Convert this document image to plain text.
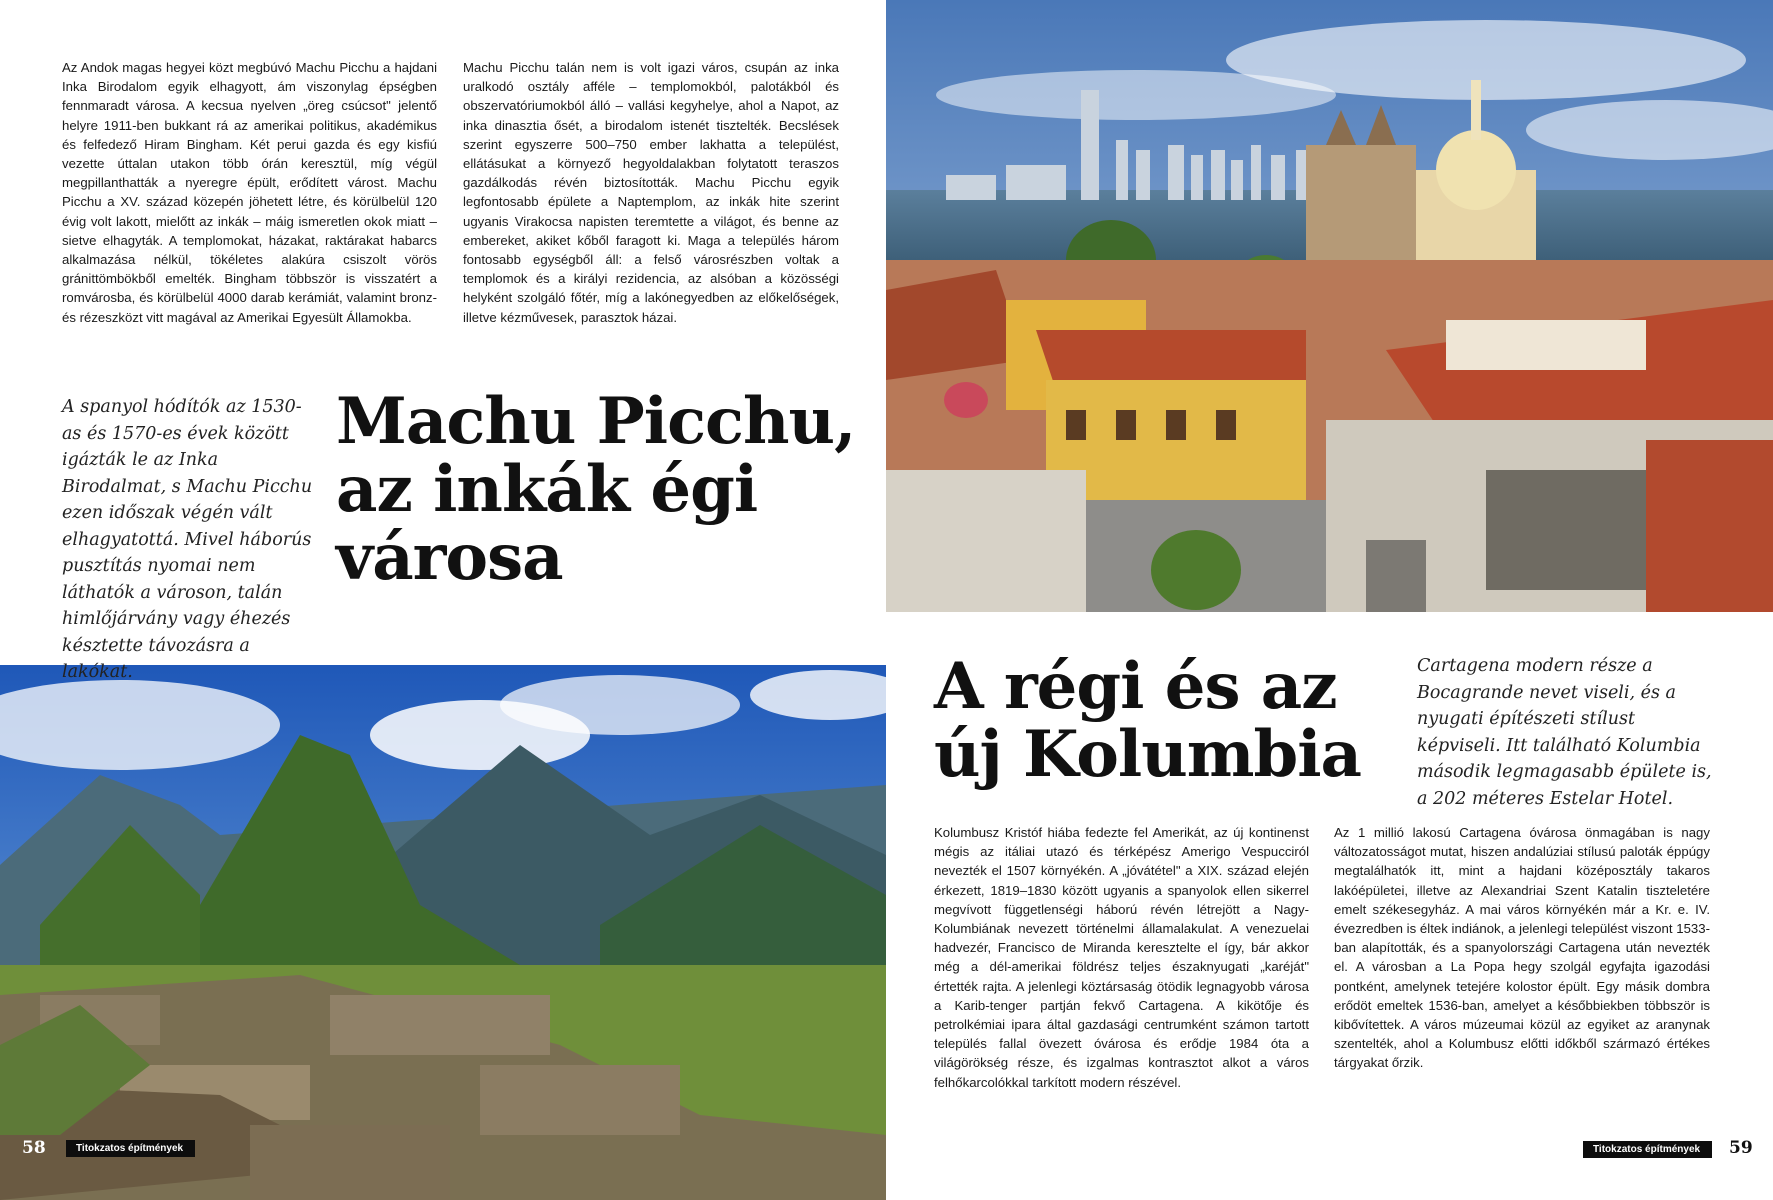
Az Andok magas hegyei közt megbúvó Machu Picchu a hajdani Inka Birodalom egyik elhagyott, ám viszonylag épségben fennmaradt városa. A kecsua nyelven „öreg csúcsot" jelentő helyre 1911-ben bukkant rá az amerikai politikus, akadémikus és felfedező Hiram Bingham. Két perui gazda és egy kisfiú vezette úttalan utakon több órán keresztül, míg végül megpillanthatták a nyeregre épült, erődített várost. Machu Picchu a XV. század közepén jöhetett létre, és körülbelül 120 évig volt lakott, mielőtt az inkák – máig ismeretlen okok miatt – sietve elhagyták. A templomokat, házakat, raktárakat habarcs alkalmazása nélkül, tökéletes alakúra csiszolt vörös gránittömbökből emelték. Bingham többször is visszatért a romvárosba, és körülbelül 4000 darab kerámiát, valamint bronz- és rézeszközt vitt magával az Amerikai Egyesült Államokba.
Machu Picchu talán nem is volt igazi város, csupán az inka uralkodó osztály afféle – templomokból, palotákból és obszervatóriumokból álló – vallási kegyhelye, ahol a Napot, az inka dinasztia ősét, a birodalom istenét tisztelték. Becslések szerint egyszerre 500–750 ember lakhatta a települést, ellátásukat a környező hegyoldalakban folytatott teraszos gazdálkodás révén biztosították. Machu Picchu egyik legfontosabb épülete a Naptemplom, az inkák hite szerint ugyanis Virakocsa napisten teremtette a világot, és benne az embereket, akiket kőből faragott ki. Maga a település három fontosabb egységből áll: a felső városrészben voltak a templomok és a királyi rezidencia, az alsóban a közösségi helyként szolgáló főtér, míg a lakónegyedben az előkelőségek, illetve kézművesek, parasztok házai.
A spanyol hódítók az 1530-as és 1570-es évek között igázták le az Inka Birodalmat, s Machu Picchu ezen időszak végén vált elhagyatottá. Mivel háborús pusztítás nyomai nem láthatók a városon, talán himlőjárvány vagy éhezés késztette távozásra a lakókat.
Machu Picchu,
az inkák égi
városa
A régi és az
új Kolumbia
Cartagena modern része a Bocagrande nevet viseli, és a nyugati építészeti stílust képviseli. Itt található Kolumbia második legmagasabb épülete is, a 202 méteres Estelar Hotel.
Kolumbusz Kristóf hiába fedezte fel Amerikát, az új kontinenst mégis az itáliai utazó és térképész Amerigo Vespucciról nevezték el 1507 környékén. A „jóvátétel" a XIX. század elején érkezett, 1819–1830 között ugyanis a spanyolok ellen sikerrel megvívott függetlenségi háború révén létrejött a Nagy-Kolumbiának nevezett történelmi államalakulat. A venezuelai hadvezér, Francisco de Miranda keresztelte el így, bár akkor még a dél-amerikai földrész teljes északnyugati „karéját" értették rajta. A jelenlegi köztársaság ötödik legnagyobb városa a Karib-tenger partján fekvő Cartagena. A kikötője és petrolkémiai ipara által gazdasági centrumként számon tartott település fallal övezett óvárosa és erődje 1984 óta a világörökség része, és izgalmas kontrasztot alkot a város felhőkarcolókkal tarkított modern részével.
Az 1 millió lakosú Cartagena óvárosa önmagában is nagy változatosságot mutat, hiszen andalúziai stílusú paloták éppúgy megtalálhatók itt, mint a hajdani középosztály takaros lakóépületei, illetve az Alexandriai Szent Katalin tiszteletére emelt székesegyház. A mai város környékén már a Kr. e. IV. évezredben is éltek indiánok, a jelenlegi települést viszont 1533-ban alapították, és a spanyolországi Cartagena után nevezték el. A városban a La Popa hegy szolgál egyfajta igazodási pontként, amelynek tetejére kolostor épült. Egy másik dombra erődöt emeltek 1536-ban, amelyet a későbbiekben többször is kibővítettek. A város múzeumai közül az egyiket az aranynak szentelték, ahol a Kolumbusz előtti időkből származó értékes tárgyakat őrzik.
58	Titokzatos építmények	Titokzatos építmények	59
